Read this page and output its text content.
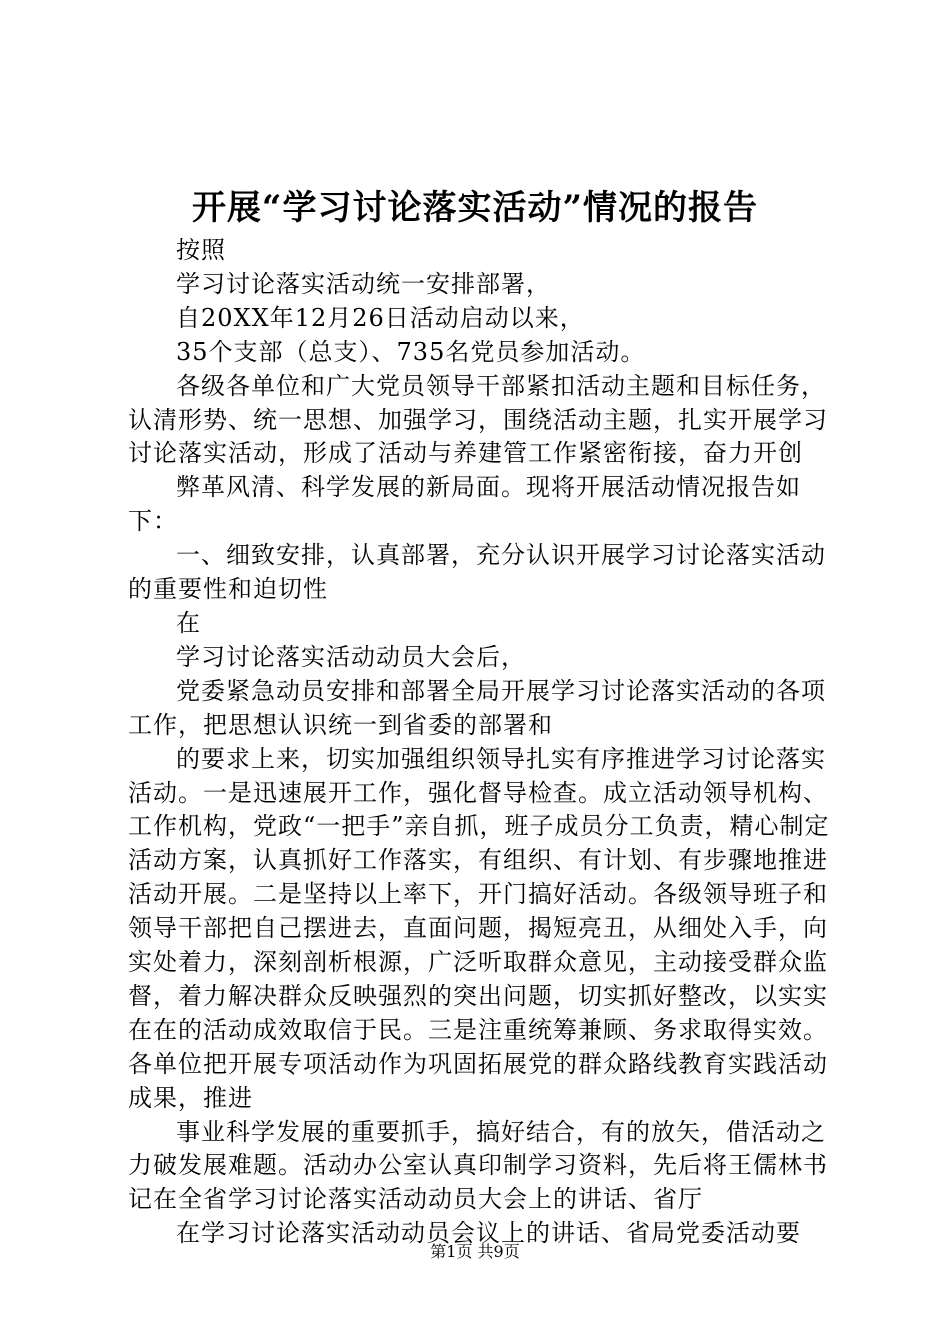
开展“学习讨论落实活动”情况的报告

按照

学习讨论落实活动统一安排部署，

自20XX年12月26日活动启动以来，

35个支部（总支）、735名党员参加活动。

各级各单位和广大党员领导干部紧扣活动主题和目标任务，认清形势、统一思想、加强学习，围绕活动主题，扎实开展学习讨论落实活动，形成了活动与养建管工作紧密衔接，奋力开创

弊革风清、科学发展的新局面。现将开展活动情况报告如下：

一、细致安排，认真部署，充分认识开展学习讨论落实活动的重要性和迫切性

在

学习讨论落实活动动员大会后，

党委紧急动员安排和部署全局开展学习讨论落实活动的各项工作，把思想认识统一到省委的部署和

的要求上来，切实加强组织领导扎实有序推进学习讨论落实活动。一是迅速展开工作，强化督导检查。成立活动领导机构、工作机构，党政“一把手”亲自抓，班子成员分工负责，精心制定活动方案，认真抓好工作落实，有组织、有计划、有步骤地推进活动开展。二是坚持以上率下，开门搞好活动。各级领导班子和领导干部把自己摆进去，直面问题，揭短亮丑，从细处入手，向实处着力，深刻剖析根源，广泛听取群众意见，主动接受群众监督，着力解决群众反映强烈的突出问题，切实抓好整改，以实实在在的活动成效取信于民。三是注重统筹兼顾、务求取得实效。各单位把开展专项活动作为巩固拓展党的群众路线教育实践活动成果，推进

事业科学发展的重要抓手，搞好结合，有的放矢，借活动之力破发展难题。活动办公室认真印制学习资料，先后将王儒林书记在全省学习讨论落实活动动员大会上的讲话、省厅

在学习讨论落实活动动员会议上的讲话、省局党委活动要

第1页 共9页
